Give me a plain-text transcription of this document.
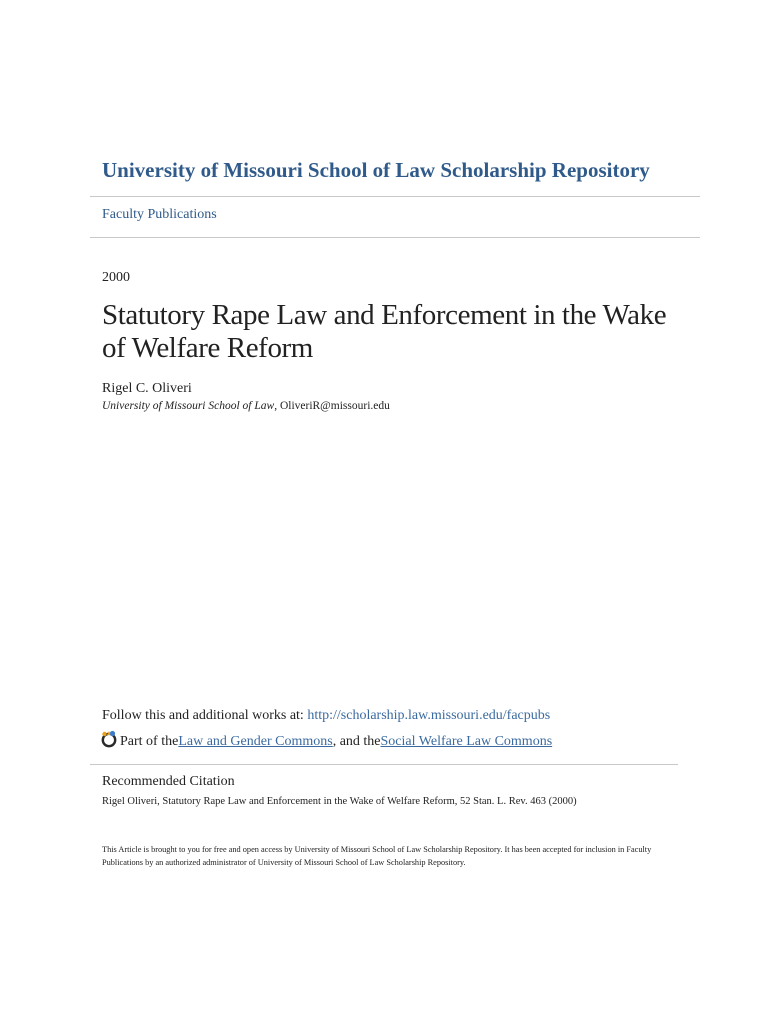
University of Missouri School of Law Scholarship Repository
Faculty Publications
2000
Statutory Rape Law and Enforcement in the Wake of Welfare Reform
Rigel C. Oliveri
University of Missouri School of Law, OliveriR@missouri.edu
Follow this and additional works at: http://scholarship.law.missouri.edu/facpubs
Part of the Law and Gender Commons , and the Social Welfare Law Commons
Recommended Citation
Rigel Oliveri, Statutory Rape Law and Enforcement in the Wake of Welfare Reform, 52 Stan. L. Rev. 463 (2000)
This Article is brought to you for free and open access by University of Missouri School of Law Scholarship Repository. It has been accepted for inclusion in Faculty Publications by an authorized administrator of University of Missouri School of Law Scholarship Repository.
